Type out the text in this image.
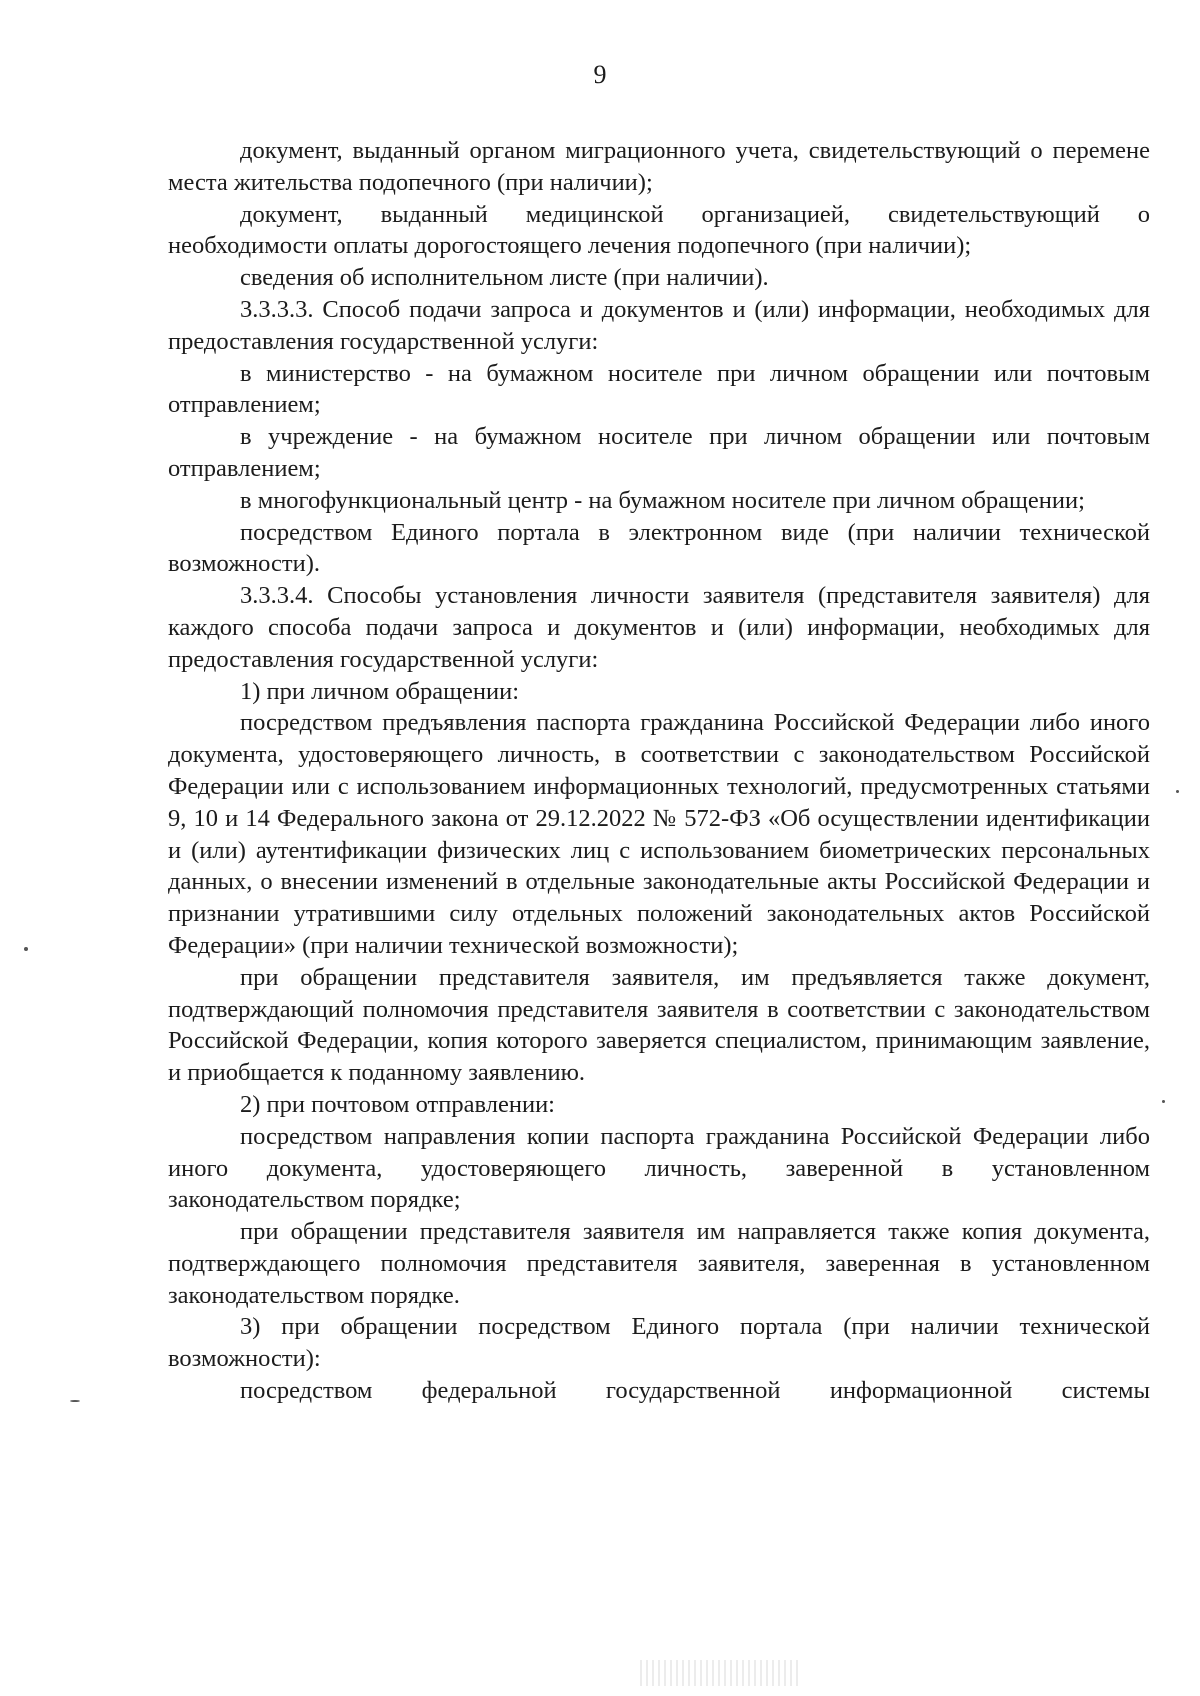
9

документ, выданный органом миграционного учета, свидетельствующий о перемене места жительства подопечного (при наличии);

документ, выданный медицинской организацией, свидетельствующий о необходимости оплаты дорогостоящего лечения подопечного (при наличии);

сведения об исполнительном листе (при наличии).

3.3.3.3. Способ подачи запроса и документов и (или) информации, необходимых для предоставления государственной услуги:

в министерство - на бумажном носителе при личном обращении или почтовым отправлением;

в учреждение - на бумажном носителе при личном обращении или почтовым отправлением;

в многофункциональный центр - на бумажном носителе при личном обращении;

посредством Единого портала в электронном виде (при наличии технической возможности).

3.3.3.4. Способы установления личности заявителя (представителя заявителя) для каждого способа подачи запроса и документов и (или) информации, необходимых для предоставления государственной услуги:

1) при личном обращении:

посредством предъявления паспорта гражданина Российской Федерации либо иного документа, удостоверяющего личность, в соответствии с законодательством Российской Федерации или с использованием информационных технологий, предусмотренных статьями 9, 10 и 14 Федерального закона от 29.12.2022 № 572-ФЗ «Об осуществлении идентификации и (или) аутентификации физических лиц с использованием биометрических персональных данных, о внесении изменений в отдельные законодательные акты Российской Федерации и признании утратившими силу отдельных положений законодательных актов Российской Федерации» (при наличии технической возможности);

при обращении представителя заявителя, им предъявляется также документ, подтверждающий полномочия представителя заявителя в соответствии с законодательством Российской Федерации, копия которого заверяется специалистом, принимающим заявление, и приобщается к поданному заявлению.

2) при почтовом отправлении:

посредством направления копии паспорта гражданина Российской Федерации либо иного документа, удостоверяющего личность, заверенной в установленном законодательством порядке;

при обращении представителя заявителя им направляется также копия документа, подтверждающего полномочия представителя заявителя, заверенная в установленном законодательством порядке.

3) при обращении посредством Единого портала (при наличии технической возможности):

посредством федеральной государственной информационной системы
